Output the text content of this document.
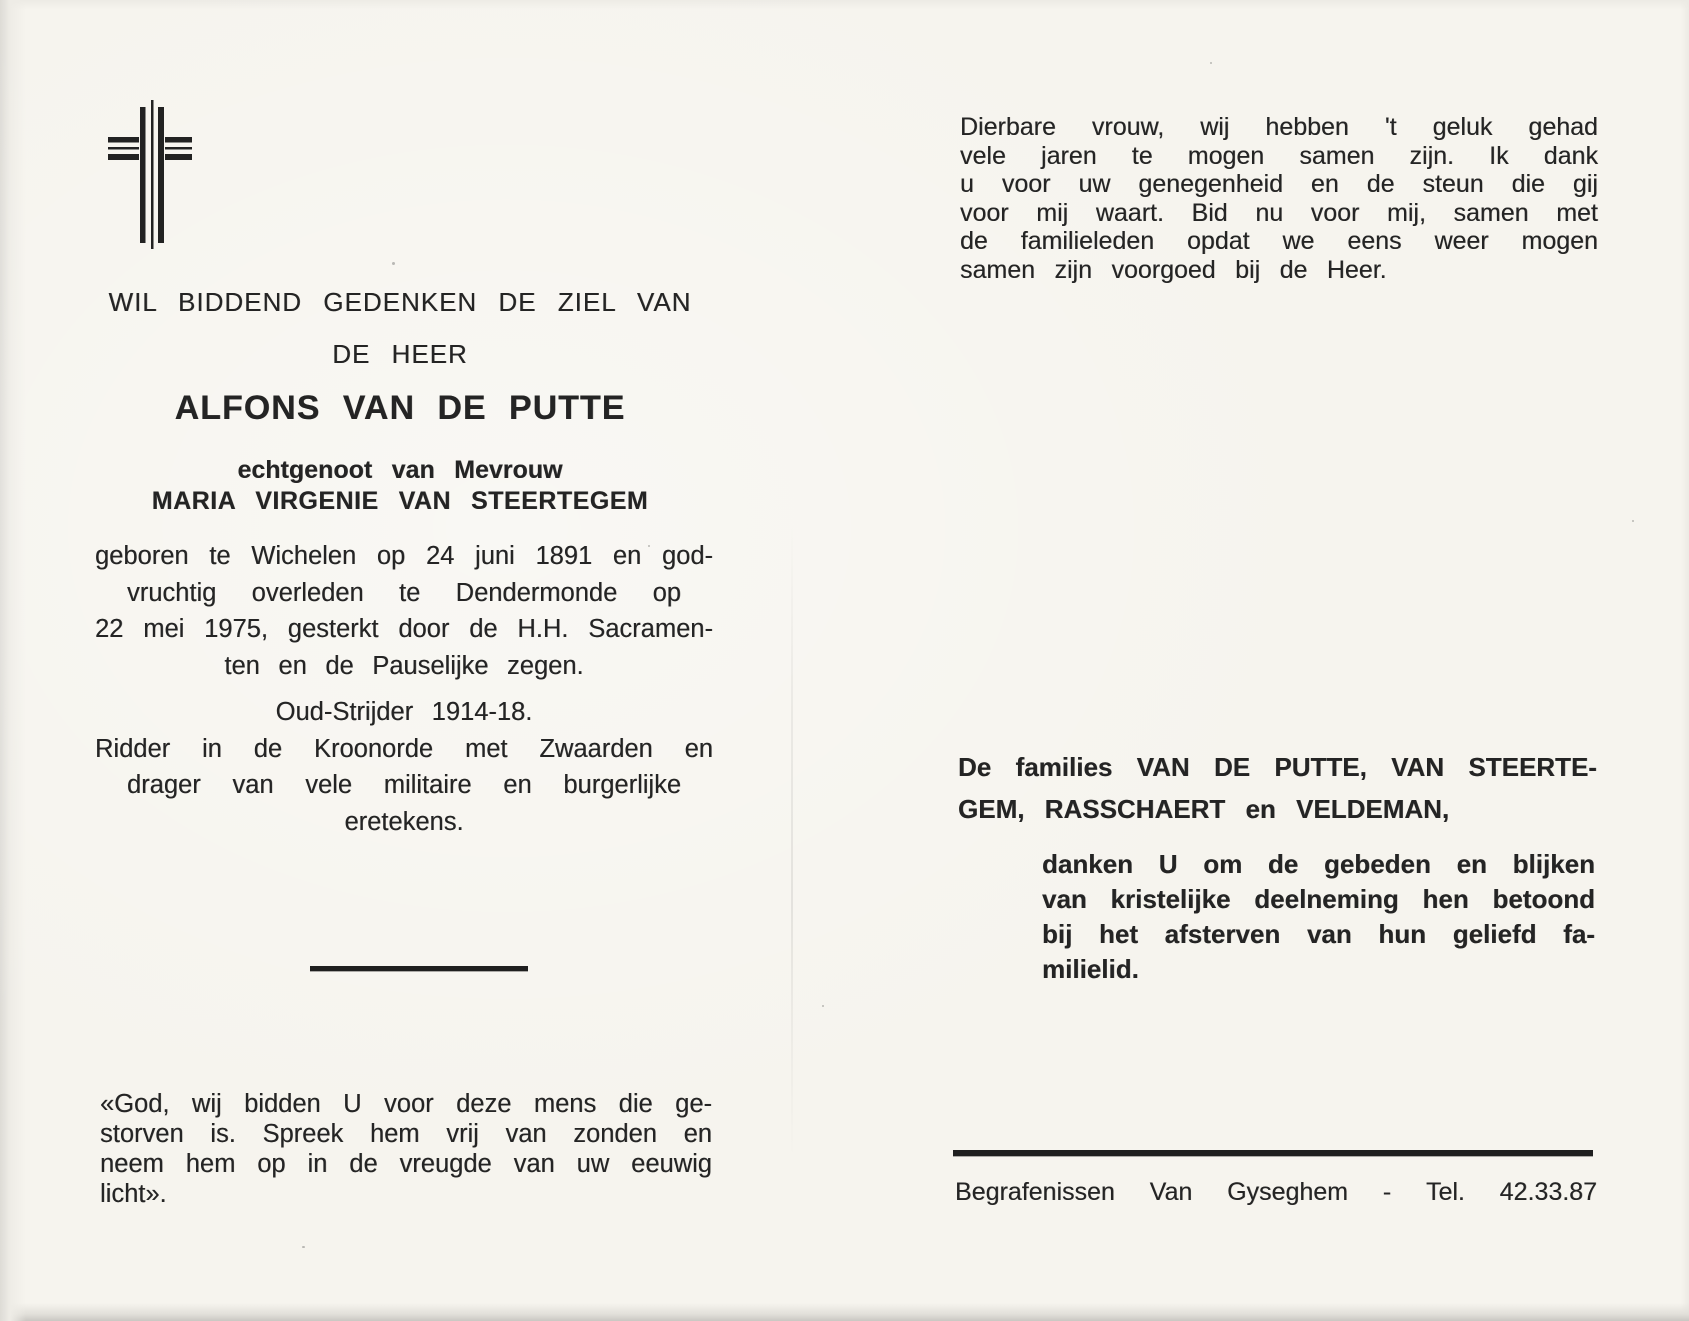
WIL BIDDEND GEDENKEN DE ZIEL VAN
DE HEER
ALFONS VAN DE PUTTE
echtgenoot van Mevrouw
MARIA VIRGENIE VAN STEERTEGEM
geboren te Wichelen op 24 juni 1891 en god-
vruchtig overleden te Dendermonde op
22 mei 1975, gesterkt door de H.H. Sacramen-
ten en de Pauselijke zegen.
Oud-Strijder 1914-18.
Ridder in de Kroonorde met Zwaarden en
drager van vele militaire en burgerlijke
eretekens.
«God, wij bidden U voor deze mens die ge-
storven is. Spreek hem vrij van zonden en
neem hem op in de vreugde van uw eeuwig
licht».
Dierbare vrouw, wij hebben 't geluk gehad
vele jaren te mogen samen zijn. Ik dank
u voor uw genegenheid en de steun die gij
voor mij waart. Bid nu voor mij, samen met
de familieleden opdat we eens weer mogen
samen zijn voorgoed bij de Heer.
De families VAN DE PUTTE, VAN STEERTE-
GEM, RASSCHAERT en VELDEMAN,
danken U om de gebeden en blijken
van kristelijke deelneming hen betoond
bij het afsterven van hun geliefd fa-
milielid.
Begrafenissen Van Gyseghem - Tel. 42.33.87
